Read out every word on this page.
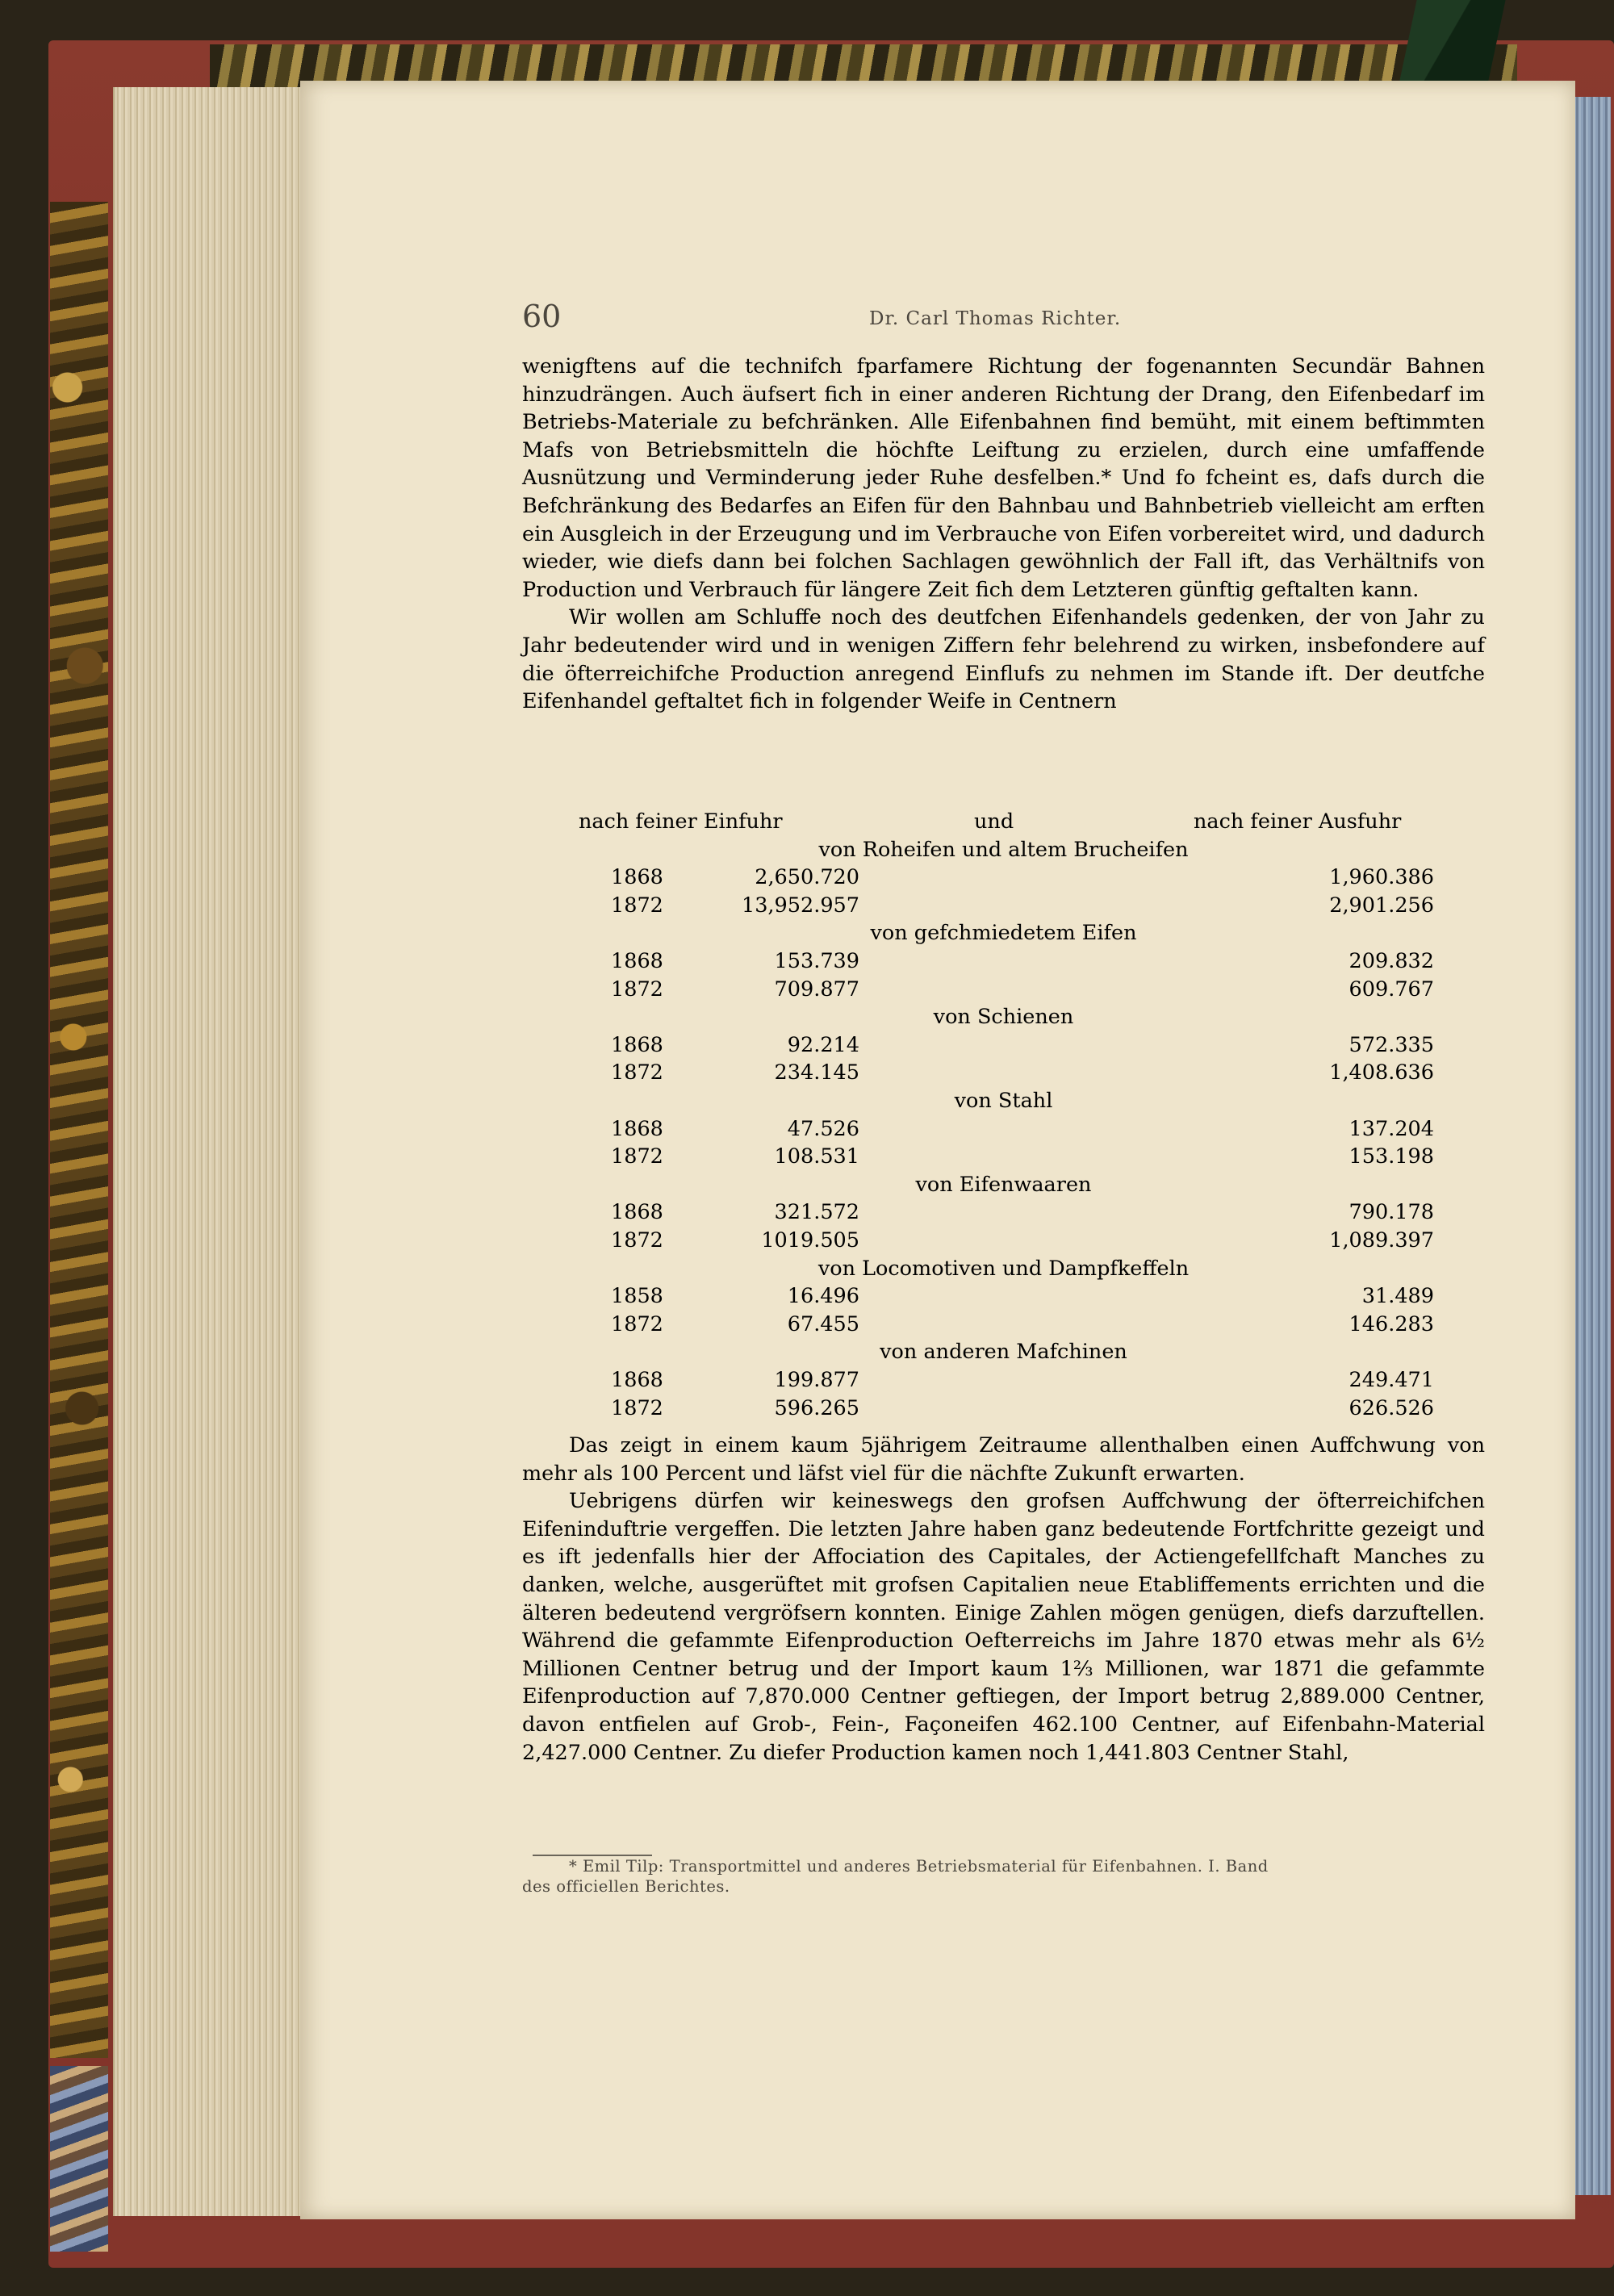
60	Dr. Carl Thomas Richter.

wenigftens auf die technifch fparfamere Richtung der fogenannten Secundär Bahnen hinzudrängen. Auch äufsert fich in einer anderen Richtung der Drang, den Eifenbedarf im Betriebs-Materiale zu befchränken. Alle Eifenbahnen find bemüht, mit einem beftimmten Mafs von Betriebsmitteln die höchfte Leiftung zu erzielen, durch eine umfaffende Ausnützung und Verminderung jeder Ruhe desfelben.* Und fo fcheint es, dafs durch die Befchränkung des Bedarfes an Eifen für den Bahnbau und Bahnbetrieb vielleicht am erften ein Ausgleich in der Erzeugung und im Verbrauche von Eifen vorbereitet wird, und dadurch wieder, wie diefs dann bei folchen Sachlagen gewöhnlich der Fall ift, das Verhältnifs von Production und Verbrauch für längere Zeit fich dem Letzteren günftig geftalten kann.

Wir wollen am Schluffe noch des deutfchen Eifenhandels gedenken, der von Jahr zu Jahr bedeutender wird und in wenigen Ziffern fehr belehrend zu wirken, insbefondere auf die öfterreichifche Production anregend Einflufs zu nehmen im Stande ift. Der deutfche Eifenhandel geftaltet fich in folgender Weife in Centnern

nach feiner Einfuhr	und	nach feiner Ausfuhr
von Roheifen und altem Brucheifen
1868	2,650.720	1,960.386
1872	13,952.957	2,901.256
von gefchmiedetem Eifen
1868	153.739	209.832
1872	709.877	609.767
von Schienen
1868	92.214	572.335
1872	234.145	1,408.636
von Stahl
1868	47.526	137.204
1872	108.531	153.198
von Eifenwaaren
1868	321.572	790.178
1872	1019.505	1,089.397
von Locomotiven und Dampfkeffeln
1858	16.496	31.489
1872	67.455	146.283
von anderen Mafchinen
1868	199.877	249.471
1872	596.265	626.526

Das zeigt in einem kaum 5jährigem Zeitraume allenthalben einen Auffchwung von mehr als 100 Percent und läfst viel für die nächfte Zukunft erwarten.

Uebrigens dürfen wir keineswegs den grofsen Auffchwung der öfterreichifchen Eifeninduftrie vergeffen. Die letzten Jahre haben ganz bedeutende Fortfchritte gezeigt und es ift jedenfalls hier der Affociation des Capitales, der Actiengefellfchaft Manches zu danken, welche, ausgerüftet mit grofsen Capitalien neue Etabliffements errichten und die älteren bedeutend vergröfsern konnten. Einige Zahlen mögen genügen, diefs darzuftellen. Während die gefammte Eifenproduction Oefterreichs im Jahre 1870 etwas mehr als 6½ Millionen Centner betrug und der Import kaum 1⅔ Millionen, war 1871 die gefammte Eifenproduction auf 7,870.000 Centner geftiegen, der Import betrug 2,889.000 Centner, davon entfielen auf Grob-, Fein-, Façoneifen 462.100 Centner, auf Eifenbahn-Material 2,427.000 Centner. Zu diefer Production kamen noch 1,441.803 Centner Stahl,

* Emil Tilp: Transportmittel und anderes Betriebsmaterial für Eifenbahnen. I. Band

des officiellen Berichtes.
